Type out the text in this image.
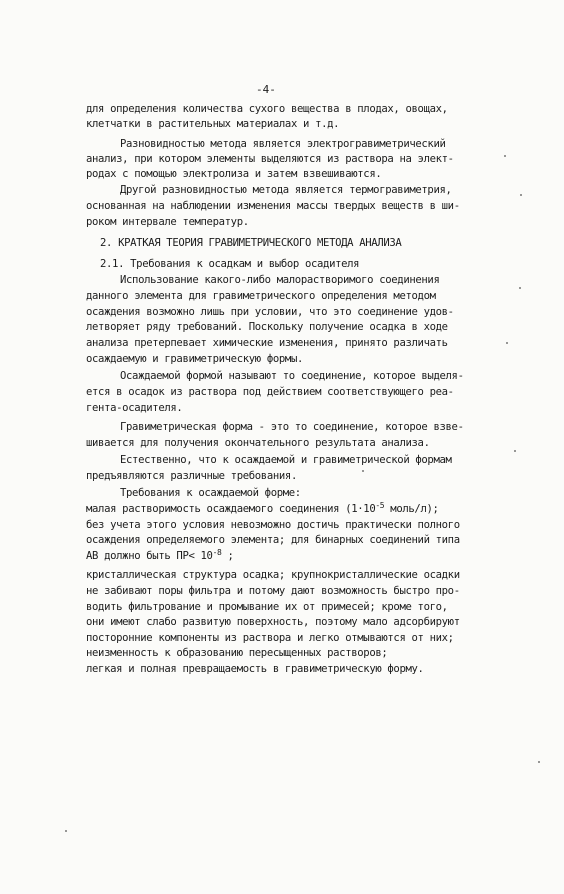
-4-
для определения количества сухого вещества в плодах, овощах,
клетчатки в растительных материалах и т.д.
Разновидностью метода является электрогравиметрический
анализ, при котором элементы выделяются из раствора на элект-
родах с помощью электролиза и затем взвешиваются.
Другой разновидностью метода является термогравиметрия,
основанная на наблюдении изменения массы твердых веществ в ши-
роком интервале температур.
2. КРАТКАЯ ТЕОРИЯ ГРАВИМЕТРИЧЕСКОГО МЕТОДА АНАЛИЗА
2.1. Требования к осадкам и выбор осадителя
Использование какого-либо малорастворимого соединения
данного элемента для гравиметрического определения методом
осаждения возможно лишь при условии, что это соединение удов-
летворяет ряду требований. Поскольку получение осадка в ходе
анализа претерпевает химические изменения, принято различать
осаждаемую и гравиметрическую формы.
Осаждаемой формой называют то соединение, которое выделя-
ется в осадок из раствора под действием соответствующего реа-
гента-осадителя.
Гравиметрическая форма - это то соединение, которое взве-
шивается для получения окончательного результата анализа.
Естественно, что к осаждаемой и гравиметрической формам
предъявляются различные требования.
Требования к осаждаемой форме:
малая растворимость осаждаемого соединения ($1\cdot 10^{-5}$ моль/л);
без учета этого условия невозможно достичь практически полного
осаждения определяемого элемента; для бинарных соединений типа
АВ должно быть $ПР< 10^{-8}$ ;
кристаллическая структура осадка; крупнокристаллические осадки
не забивают поры фильтра и потому дают возможность быстро про-
водить фильтрование и промывание их от примесей; кроме того,
они имеют слабо развитую поверхность, поэтому мало адсорбируют
посторонние компоненты из раствора и легко отмываются от них;
неизменность к образованию пересыщенных растворов;
легкая и полная превращаемость в гравиметрическую форму.
